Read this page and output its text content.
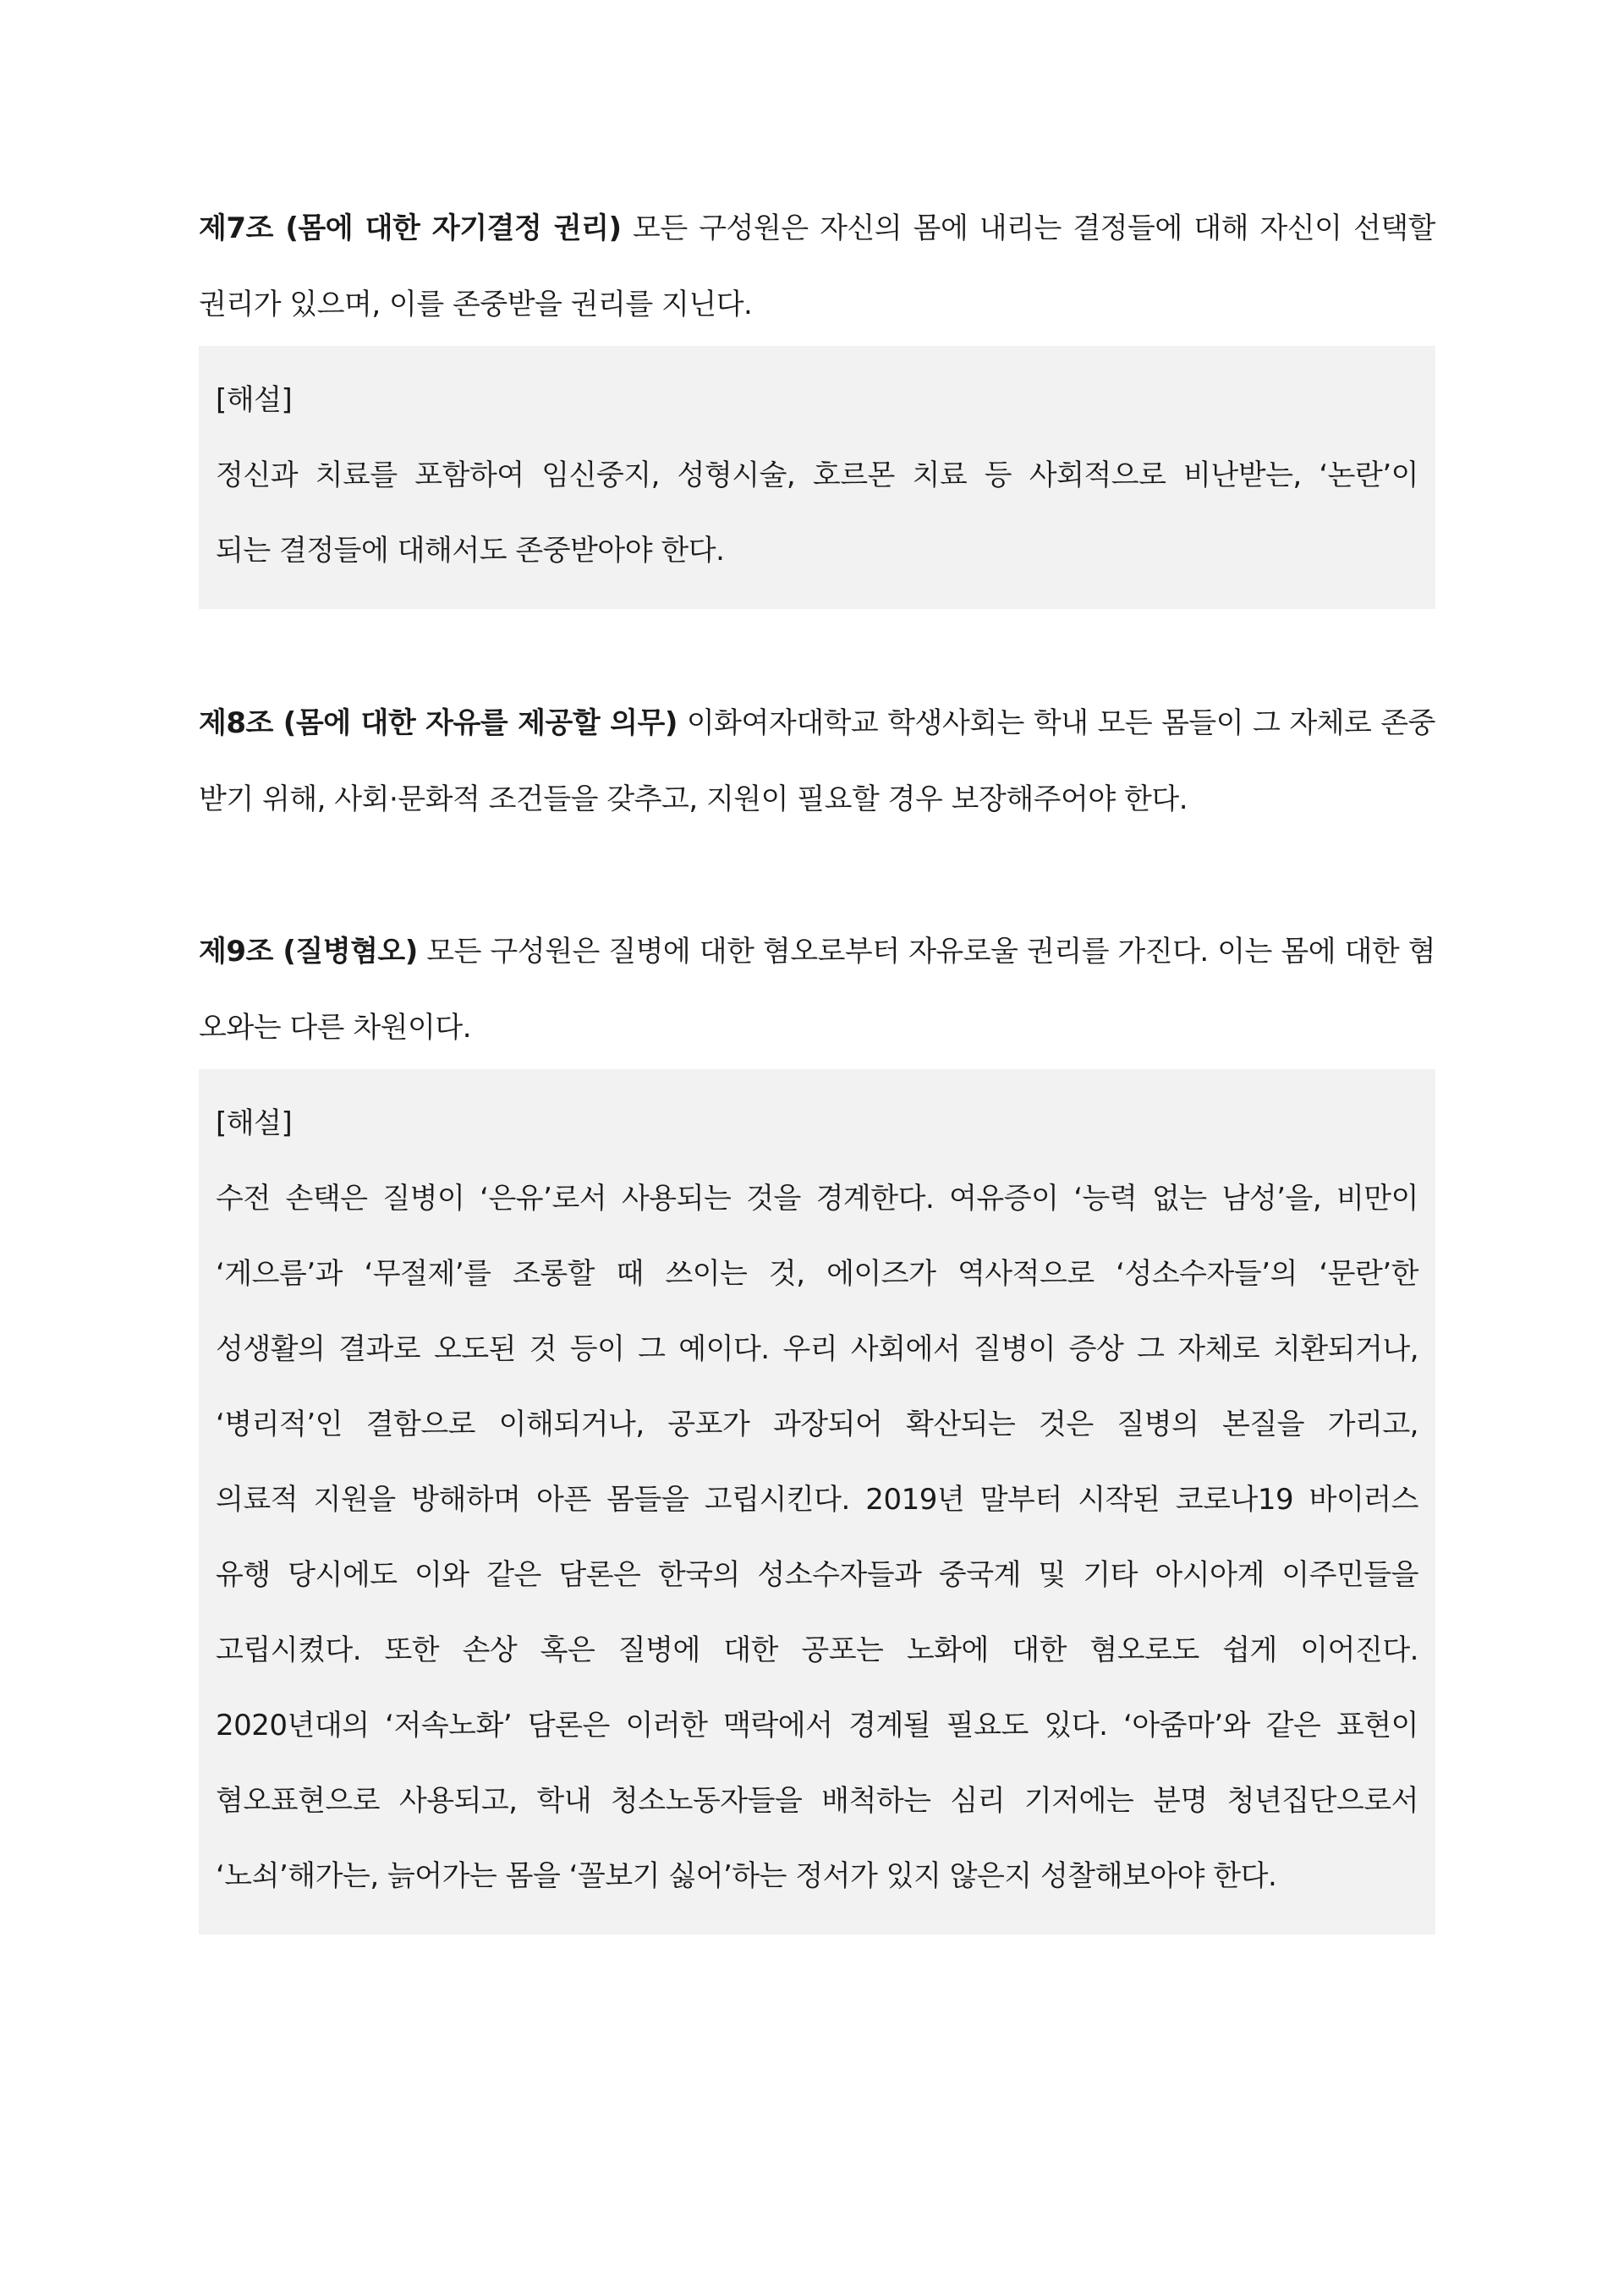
제7조 (몸에 대한 자기결정 권리) 모든 구성원은 자신의 몸에 내리는 결정들에 대해 자신이 선택할 권리가 있으며, 이를 존중받을 권리를 지닌다.

[해설]

정신과 치료를 포함하여 임신중지, 성형시술, 호르몬 치료 등 사회적으로 비난받는, ‘논란’이

되는 결정들에 대해서도 존중받아야 한다.

제8조 (몸에 대한 자유를 제공할 의무) 이화여자대학교 학생사회는 학내 모든 몸들이 그 자체로 존중받기 위해, 사회·문화적 조건들을 갖추고, 지원이 필요할 경우 보장해주어야 한다.

제9조 (질병혐오) 모든 구성원은 질병에 대한 혐오로부터 자유로울 권리를 가진다. 이는 몸에 대한 혐오와는 다른 차원이다.

[해설]

수전 손택은 질병이 ‘은유’로서 사용되는 것을 경계한다. 여유증이 ‘능력 없는 남성’을, 비만이

‘게으름’과 ‘무절제’를 조롱할 때 쓰이는 것, 에이즈가 역사적으로 ‘성소수자들’의 ‘문란’한

성생활의 결과로 오도된 것 등이 그 예이다. 우리 사회에서 질병이 증상 그 자체로 치환되거나,

‘병리적’인 결함으로 이해되거나, 공포가 과장되어 확산되는 것은 질병의 본질을 가리고,

의료적 지원을 방해하며 아픈 몸들을 고립시킨다. 2019년 말부터 시작된 코로나19 바이러스

유행 당시에도 이와 같은 담론은 한국의 성소수자들과 중국계 및 기타 아시아계 이주민들을

고립시켰다. 또한 손상 혹은 질병에 대한 공포는 노화에 대한 혐오로도 쉽게 이어진다.

2020년대의 ‘저속노화’ 담론은 이러한 맥락에서 경계될 필요도 있다. ‘아줌마’와 같은 표현이

혐오표현으로 사용되고, 학내 청소노동자들을 배척하는 심리 기저에는 분명 청년집단으로서

‘노쇠’해가는, 늙어가는 몸을 ‘꼴보기 싫어’하는 정서가 있지 않은지 성찰해보아야 한다.
